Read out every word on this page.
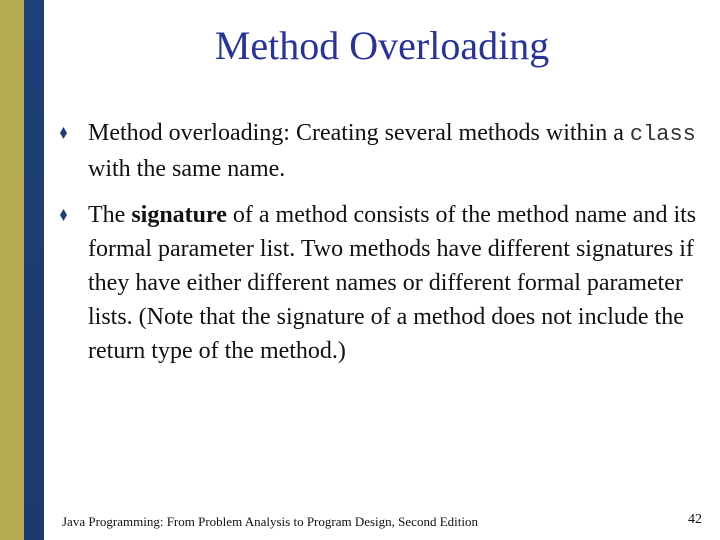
Method Overloading
Method overloading: Creating several methods within a class with the same name.
The signature of a method consists of the method name and its formal parameter list. Two methods have different signatures if they have either different names or different formal parameter lists. (Note that the signature of a method does not include the return type of the method.)
Java Programming: From Problem Analysis to Program Design, Second Edition	42
